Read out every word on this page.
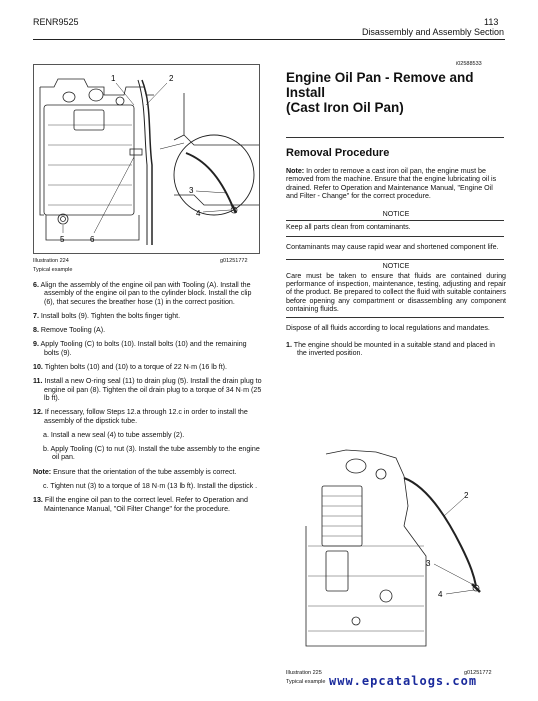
RENR9525	113
Disassembly and Assembly Section
i02588533
1	2
3
4
5	6
Illustration 224	g01251772
Typical example
6. Align the assembly of the engine oil pan with Tooling (A). Install the assembly of the engine oil pan to the cylinder block. Install the clip (6), that secures the breather hose (1) in the correct position.
7. Install bolts (9). Tighten the bolts finger tight.
8. Remove Tooling (A).
9. Apply Tooling (C) to bolts (10). Install bolts (10) and the remaining bolts (9).
10. Tighten bolts (10) and (10) to a torque of 22 N·m (16 lb ft).
11. Install a new O-ring seal (11) to drain plug (5). Install the drain plug to engine oil pan (8). Tighten the oil drain plug to a torque of 34 N·m (25 lb ft).
12. If necessary, follow Steps 12.a through 12.c in order to install the assembly of the dipstick tube.
a. Install a new seal (4) to tube assembly (2).
b. Apply Tooling (C) to nut (3). Install the tube assembly to the engine oil pan.
Note: Ensure that the orientation of the tube assembly is correct.
c. Tighten nut (3) to a torque of 18 N·m (13 lb ft). Install the dipstick .
13. Fill the engine oil pan to the correct level. Refer to Operation and Maintenance Manual, "Oil Filter Change" for the procedure.
Engine Oil Pan - Remove and
Install
(Cast Iron Oil Pan)
Removal Procedure
Note: In order to remove a cast iron oil pan, the engine must be removed from the machine. Ensure that the engine lubricating oil is drained. Refer to Operation and Maintenance Manual, "Engine Oil and Filter - Change" for the correct procedure.
NOTICE
Keep all parts clean from contaminants.
Contaminants may cause rapid wear and shortened component life.
NOTICE
Care must be taken to ensure that fluids are contained during performance of inspection, maintenance, testing, adjusting and repair of the product. Be prepared to collect the fluid with suitable containers before opening any compartment or disassembling any component containing fluids.
Dispose of all fluids according to local regulations and mandates.
1. The engine should be mounted in a suitable stand and placed in the inverted position.
2
3
4
Illustration 225	g01251772
Typical example www.epcatalogs.com
